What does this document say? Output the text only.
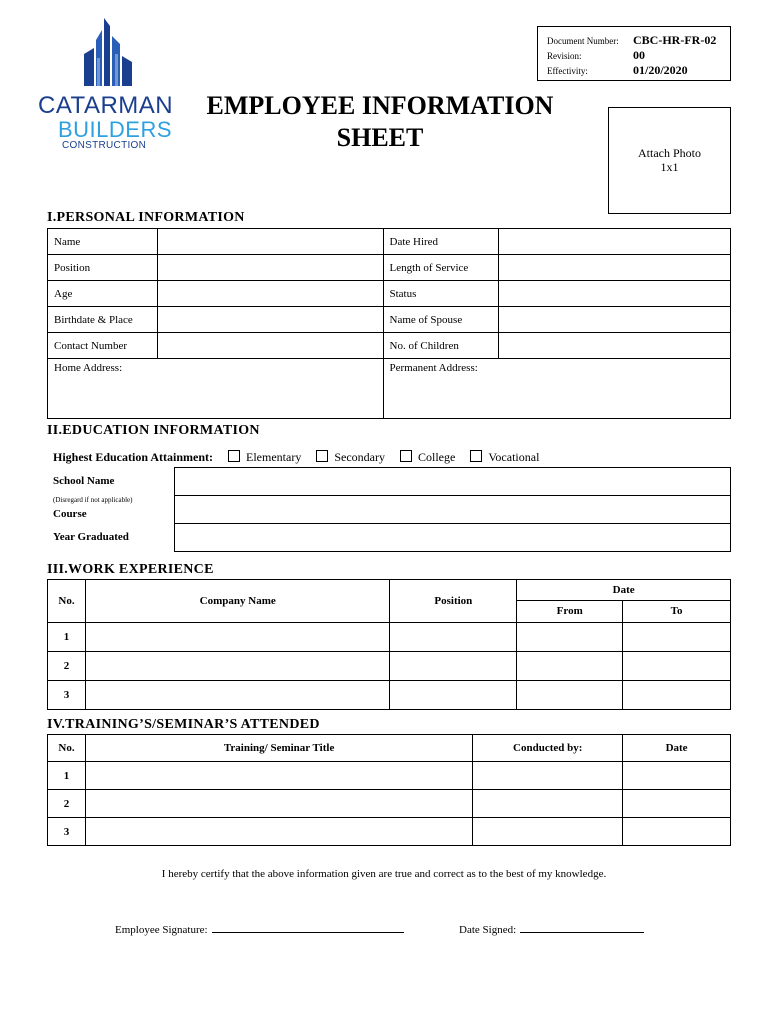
CATARMAN
BUILDERS
CONSTRUCTION
EMPLOYEE INFORMATION
SHEET
Document Number: CBC-HR-FR-02
Revision:	00
Effectivity:	01/20/2020
Attach Photo
1x1
I.PERSONAL INFORMATION
Name		Date Hired	
Position		Length of Service	
Age		Status	
Birthdate & Place		Name of Spouse	
Contact Number		No. of Children	
Home Address:		Permanent Address:	
II.EDUCATION INFORMATION
Highest Education Attainment:	Elementary	Secondary	College	Vocational
School Name
(Disregard if not applicable)
Course
Year Graduated

III.WORK EXPERIENCE
No.	Company Name	Position	Date	
			From	To
1				
2				
3				
IV.TRAINING’S/SEMINAR’S ATTENDED
No.	Training/ Seminar Title	Conducted by:	Date
1			
2			
3			
I hereby certify that the above information given are true and correct as to the best of my knowledge.
Employee Signature:	Date Signed:
